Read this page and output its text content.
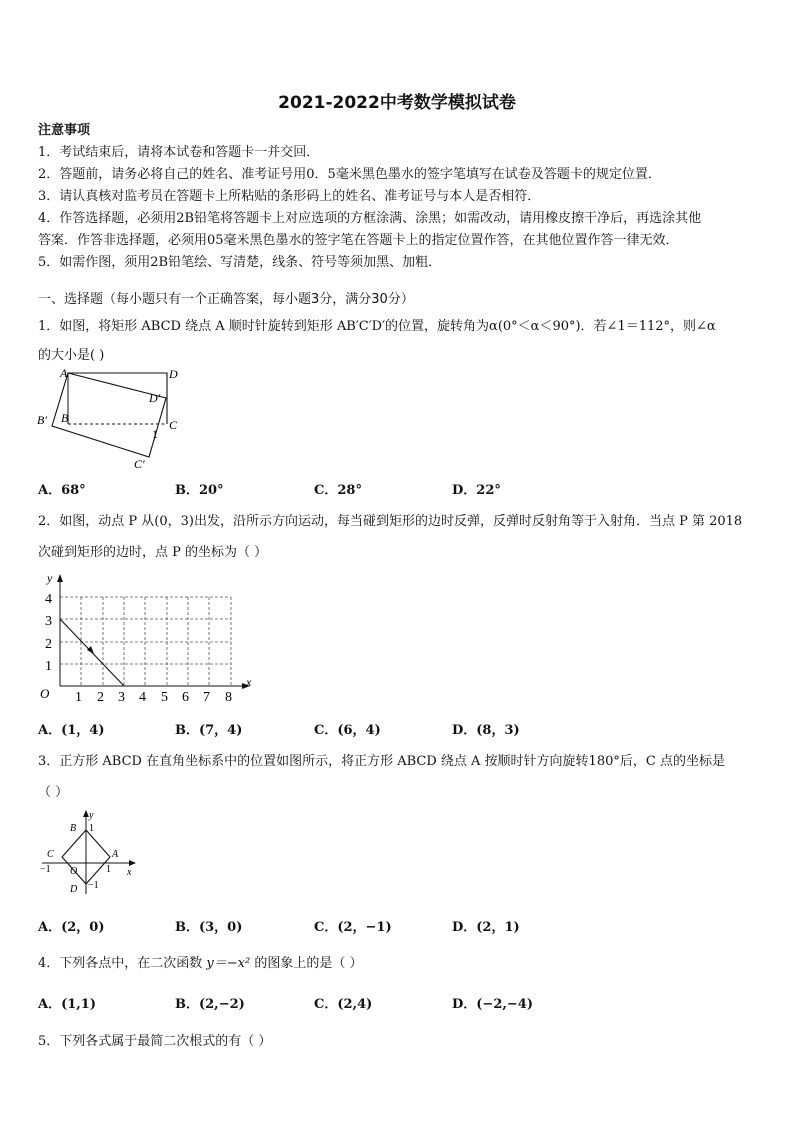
2021-2022中考数学模拟试卷
注意事项
1．考试结束后，请将本试卷和答题卡一并交回．
2．答题前，请务必将自己的姓名、准考证号用0．5毫米黑色墨水的签字笔填写在试卷及答题卡的规定位置．
3．请认真核对监考员在答题卡上所粘贴的条形码上的姓名、准考证号与本人是否相符．
4．作答选择题，必须用2B铅笔将答题卡上对应选项的方框涂满、涂黑；如需改动，请用橡皮擦干净后，再选涂其他
答案．作答非选择题，必须用05毫米黑色墨水的签字笔在答题卡上的指定位置作答，在其他位置作答一律无效．
5．如需作图，须用2B铅笔绘、写清楚，线条、符号等须加黑、加粗．
一、选择题（每小题只有一个正确答案，每小题3分，满分30分）
1．如图，将矩形 ABCD 绕点 A 顺时针旋转到矩形 AB′C′D′的位置，旋转角为α(0°＜α＜90°)．若∠1＝112°，则∠α
的大小是( )
A	D
D′
B
B′	C
1
C′
A．68°	B．20°	C．28°	D．22°
2．如图，动点 P 从(0，3)出发，沿所示方向运动，每当碰到矩形的边时反弹，反弹时反射角等于入射角．当点 P 第 2018
次碰到矩形的边时，点 P 的坐标为（ ）
y
x
O 1 2 3 4 5 6 7 8
1
2
3
4
A．(1，4)	B．(7，4)	C．(6，4)	D．(8，3)
3．正方形 ABCD 在直角坐标系中的位置如图所示，将正方形 ABCD 绕点 A 按顺时针方向旋转180°后，C 点的坐标是
（ ）
y
x
B
A
C
O
D
1
−1
1
−1
A．(2，0)	B．(3，0)	C．(2，−1)	D．(2，1)
4．下列各点中，在二次函数 y＝−x² 的图象上的是（ ）
A．(1,1)	B．(2,−2)	C．(2,4)	D．(−2,−4)
5．下列各式属于最简二次根式的有（ ）
